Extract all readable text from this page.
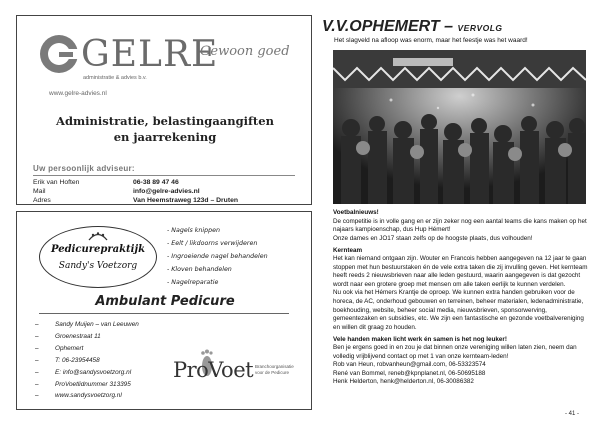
GELRE
administratie & advies b.v.
Gewoon goed
www.gelre-advies.nl
Administratie, belastingaangiften
en jaarrekening
Uw persoonlijk adviseur:
Erik van Hoften	06-38 89 47 46
Mail	info@gelre-advies.nl
Adres	Van Heemstraweg 123d – Druten
Pedicurepraktijk
Sandy's Voetzorg
- Nagels knippen
- Eelt / likdoorns verwijderen
- Ingroeiende nagel behandelen
- Kloven behandelen
- Nagelreparatie
Ambulant Pedicure
–	Sandy Muijen – van Leeuwen
–	Groenestraat 11
–	Ophemert
–	T: 06-23954458
–	E: info@sandysvoetzorg.nl
–	ProVoetlidnummer 313395
–	www.sandysvoetzorg.nl
ProVoet Branchoorganisatie voor de Pedicure
V.V.OPHEMERT – VERVOLG
Het slagveld na afloop was enorm, maar het feestje was het waard!

Voetbalnieuws!
De competitie is in volle gang en er zijn zeker nog een aantal teams die kans maken op het najaars kampioenschap, dus Hup Hémert!
Onze dames en JO17 staan zelfs op de hoogste plaats, dus volhouden!

Kernteam
Het kan niemand ontgaan zijn. Wouter en Francois hebben aangegeven na 12 jaar te gaan stoppen met hun bestuurstaken én de vele extra taken die zij invulling geven. Het kernteam heeft reeds 2 nieuwsbrieven naar alle leden gestuurd, waarin aangegeven is dat gezocht wordt naar een grotere groep met mensen om alle taken eerlijk te kunnen verdelen.
Nu ook via het Hémers Krantje de oproep. We kunnen extra handen gebruiken voor de horeca, de AC, onderhoud gebouwen en terreinen, beheer materialen, ledenadministratie, boekhouding, website, beheer social media, nieuwsbrieven, sponsorwerving, gemeentezaken en subsidies, etc. We zijn een fantastische en gezonde voetbalvereniging en willen dit graag zo houden.

Vele handen maken licht werk én samen is het nog leuker!
Ben je ergens goed in en zou je dat binnen onze vereniging willen laten zien, neem dan volledig vrijblijvend contact op met 1 van onze kernteam-leden!
Rob van Heun, robvanheun@gmail.com, 06-53323574
René van Bommel, reneb@kpnplanet.nl, 06-50695188
Henk Helderton, henk@helderton.nl, 06-30086382

- 41 -
